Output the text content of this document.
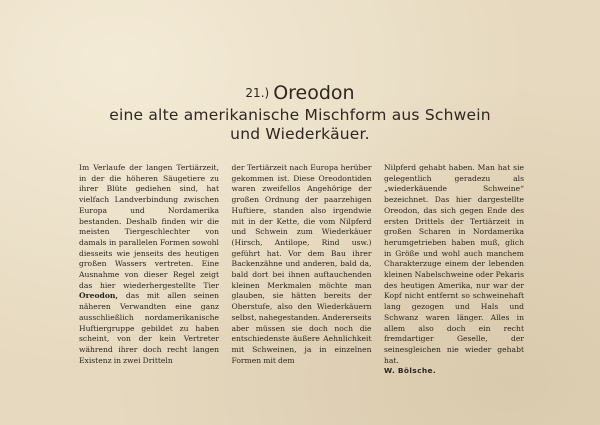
21.) Oreodon
eine alte amerikanische Mischform aus Schwein
und Wiederkäuer.

Im Verlaufe der langen Tertiärzeit, in der die höheren Säugetiere zu ihrer Blüte gediehen sind, hat vielfach Landverbindung zwischen Europa und Nordamerika bestanden. Deshalb finden wir die meisten Tiergeschlechter von damals in parallelen Formen sowohl diesseits wie jenseits des heutigen großen Wassers vertreten. Eine Ausnahme von dieser Regel zeigt das hier wiederhergestellte Tier Oreodon, das mit allen seinen näheren Verwandten eine ganz ausschließlich nordamerikanische Huftiergruppe gebildet zu haben scheint, von der kein Vertreter während ihrer doch recht langen Existenz in zwei Dritteln

der Tertiärzeit nach Europa herüber gekommen ist. Diese Oreodontiden waren zweifellos Angehörige der großen Ordnung der paarzehigen Huftiere, standen also irgendwie mit in der Kette, die vom Nilpferd und Schwein zum Wiederkäuer (Hirsch, Antilope, Rind usw.) geführt hat. Vor dem Bau ihrer Backenzähne und anderen, bald da, bald dort bei ihnen auftauchenden kleinen Merkmalen möchte man glauben, sie hätten bereits der Oberstufe, also den Wiederkäuern selbst, nahegestanden. Andererseits aber müssen sie doch noch die entschiedenste äußere Aehnlichkeit mit Schweinen, ja in einzelnen Formen mit dem

Nilpferd gehabt haben. Man hat sie gelegentlich geradezu als „wiederkäuende Schweine“ bezeichnet. Das hier dargestellte Oreodon, das sich gegen Ende des ersten Drittels der Tertiärzeit in großen Scharen in Nordamerika herumgetrieben haben muß, glich in Größe und wohl auch manchem Charakterzuge einem der lebenden kleinen Nabelschweine oder Pekaris des heutigen Amerika, nur war der Kopf nicht entfernt so schweinehaft lang gezogen und Hals und Schwanz waren länger. Alles in allem also doch ein recht fremdartiger Geselle, der seinesgleichen nie wieder gehabt hat.

W. Bölsche.
